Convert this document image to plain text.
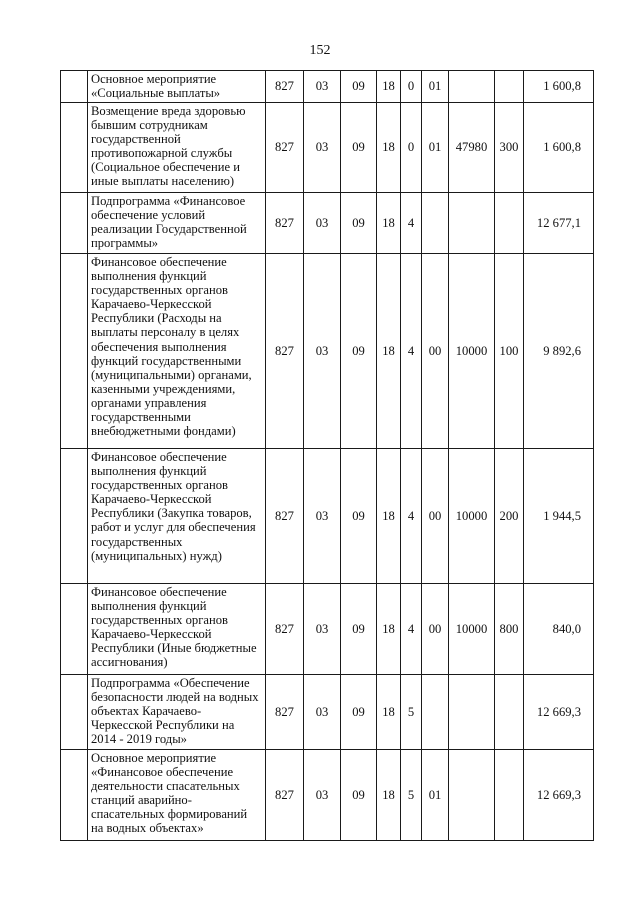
152
	Основное мероприятие «Социальные выплаты»	827	03	09	18	0	01			1 600,8
	Возмещение вреда здоровью бывшим сотрудникам государственной противопожарной службы (Социальное обеспечение и иные выплаты населению)	827	03	09	18	0	01	47980	300	1 600,8
	Подпрограмма «Финансовое обеспечение условий реализации Государственной программы»	827	03	09	18	4				12 677,1
	Финансовое обеспечение выполнения функций государственных органов Карачаево-Черкесской Республики (Расходы на выплаты персоналу в целях обеспечения выполнения функций государственными (муниципальными) органами, казенными учреждениями, органами управления государственными внебюджетными фондами)	827	03	09	18	4	00	10000	100	9 892,6
	Финансовое обеспечение выполнения функций государственных органов Карачаево-Черкесской Республики (Закупка товаров, работ и услуг для обеспечения государственных (муниципальных) нужд)	827	03	09	18	4	00	10000	200	1 944,5
	Финансовое обеспечение выполнения функций государственных органов Карачаево-Черкесской Республики (Иные бюджетные ассигнования)	827	03	09	18	4	00	10000	800	840,0
	Подпрограмма «Обеспечение безопасности людей на водных объектах Карачаево-Черкесской Республики на 2014 - 2019 годы»	827	03	09	18	5				12 669,3
	Основное мероприятие «Финансовое обеспечение деятельности спасательных станций аварийно-спасательных формирований на водных объектах»	827	03	09	18	5	01			12 669,3
